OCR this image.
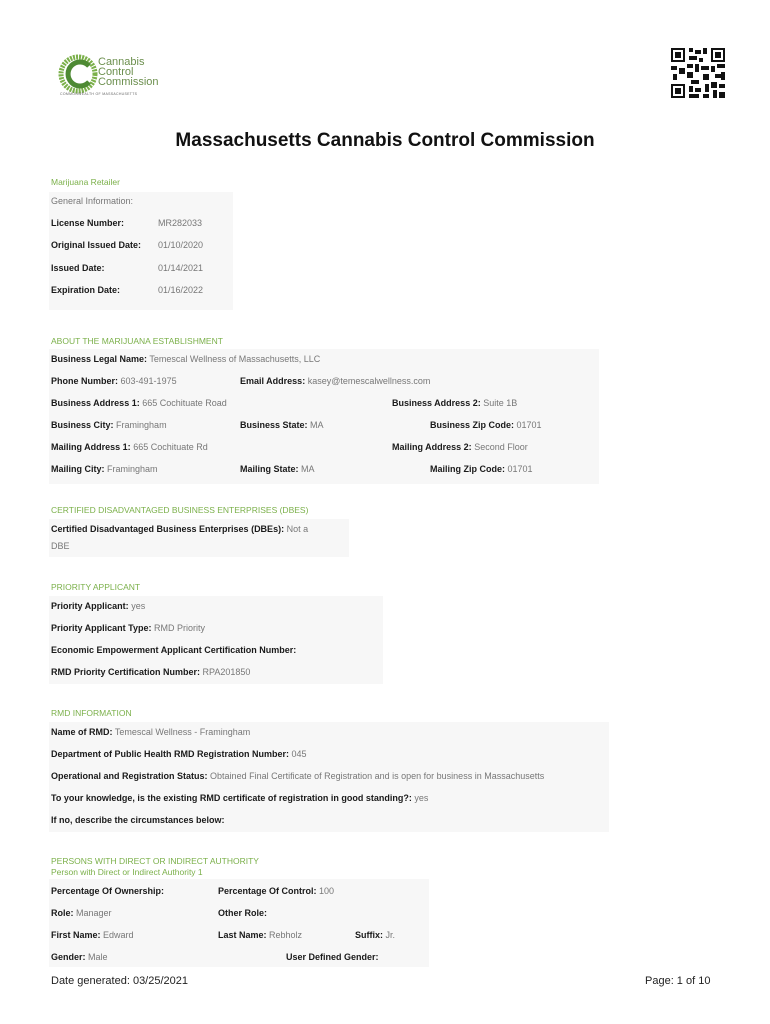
Cannabis
Control
Commission
COMMONWEALTH OF MASSACHUSETTS
Massachusetts Cannabis Control Commission
Marijuana Retailer
General Information:
License Number:	MR282033
Original Issued Date: 01/10/2020
Issued Date:	01/14/2021
Expiration Date:	01/16/2022
ABOUT THE MARIJUANA ESTABLISHMENT
Business Legal Name: Temescal Wellness of Massachusetts, LLC
Phone Number: 603-491-1975	Email Address: kasey@temescalwellness.com
Business Address 1: 665 Cochituate Road	Business Address 2: Suite 1B
Business City: Framingham	Business State: MA	Business Zip Code: 01701
Mailing Address 1: 665 Cochituate Rd	Mailing Address 2: Second Floor
Mailing City: Framingham	Mailing State: MA	Mailing Zip Code: 01701
CERTIFIED DISADVANTAGED BUSINESS ENTERPRISES (DBES)
Certified Disadvantaged Business Enterprises (DBEs): Not a
DBE
PRIORITY APPLICANT
Priority Applicant: yes
Priority Applicant Type: RMD Priority
Economic Empowerment Applicant Certification Number:
RMD Priority Certification Number: RPA201850
RMD INFORMATION
Name of RMD: Temescal Wellness - Framingham
Department of Public Health RMD Registration Number: 045
Operational and Registration Status: Obtained Final Certificate of Registration and is open for business in Massachusetts
To your knowledge, is the existing RMD certificate of registration in good standing?: yes
If no, describe the circumstances below:
PERSONS WITH DIRECT OR INDIRECT AUTHORITY
Person with Direct or Indirect Authority 1
Percentage Of Ownership:	Percentage Of Control: 100
Role: Manager	Other Role:
First Name: Edward	Last Name: Rebholz	Suffix: Jr.
Gender: Male	User Defined Gender:
Date generated: 03/25/2021	Page: 1 of 10
